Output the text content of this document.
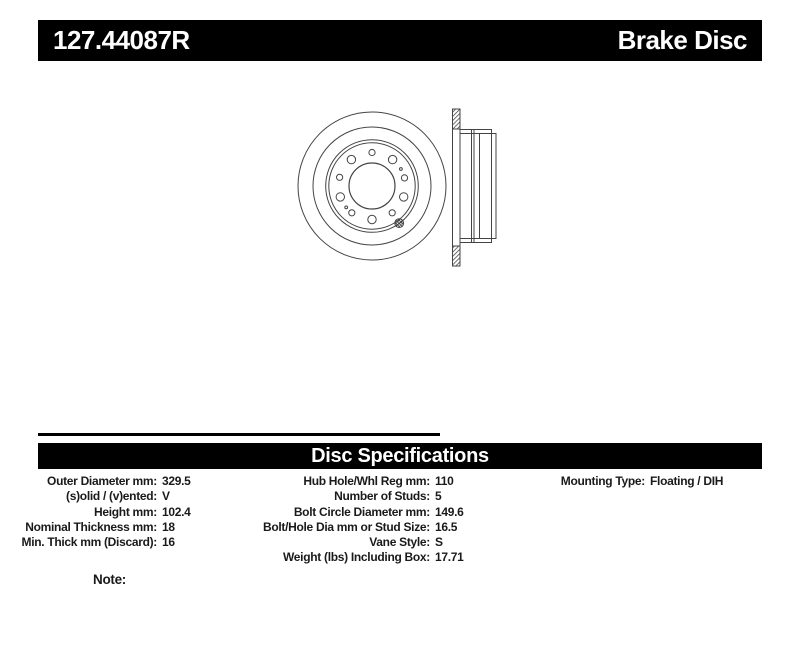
127.44087R	Brake Disc
Disc Specifications
Outer Diameter mm: 329.5
(s)olid / (v)ented: V
Height mm: 102.4
Nominal Thickness mm: 18
Min. Thick mm (Discard): 16
Hub Hole/Whl Reg mm: 110
Number of Studs: 5
Bolt Circle Diameter mm: 149.6
Bolt/Hole Dia mm or Stud Size: 16.5
Vane Style: S
Weight (lbs) Including Box: 17.71
Mounting Type: Floating / DIH
Note:
